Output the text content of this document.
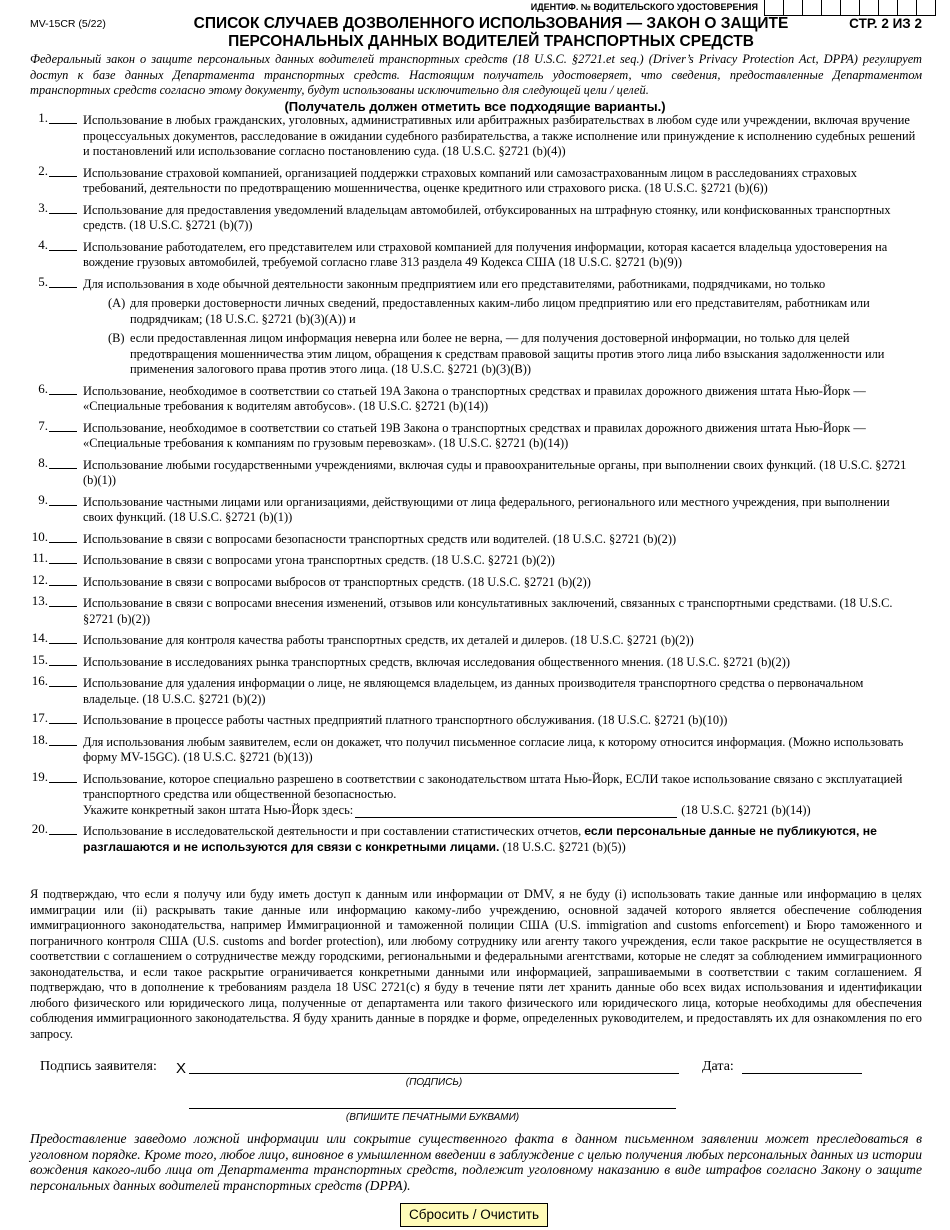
ИДЕНТИФ. № ВОДИТЕЛЬСКОГО УДОСТОВЕРЕНИЯ
MV-15CR (5/22)	СПИСОК СЛУЧАЕВ ДОЗВОЛЕННОГО ИСПОЛЬЗОВАНИЯ — ЗАКОН О ЗАЩИТЕ ПЕРСОНАЛЬНЫХ ДАННЫХ ВОДИТЕЛЕЙ ТРАНСПОРТНЫХ СРЕДСТВ
СТР. 2 ИЗ 2
Федеральный закон о защите персональных данных водителей транспортных средств (18 U.S.C. §2721.et seq.) (Driver’s Privacy Protection Act, DPPA) регулирует доступ к базе данных Департамента транспортных средств. Настоящим получатель удостоверяет, что сведения, предоставленные Департаментом транспортных средств согласно этому документу, будут использованы исключительно для следующей цели / целей.
(Получатель должен отметить все подходящие варианты.)
1.	Использование в любых гражданских, уголовных, административных или арбитражных разбирательствах в любом суде или учреждении, включая вручение процессуальных документов, расследование в ожидании судебного разбирательства, а также исполнение или принуждение к исполнению судебных решений и постановлений или использование согласно постановлению суда. (18 U.S.C. §2721 (b)(4))
2.	Использование страховой компанией, организацией поддержки страховых компаний или самозастрахованным лицом в расследованиях страховых требований, деятельности по предотвращению мошенничества, оценке кредитного или страхового риска. (18 U.S.C. §2721 (b)(6))
3.	Использование для предоставления уведомлений владельцам автомобилей, отбуксированных на штрафную стоянку, или конфискованных транспортных средств. (18 U.S.C. §2721 (b)(7))
4.	Использование работодателем, его представителем или страховой компанией для получения информации, которая касается владельца удостоверения на вождение грузовых автомобилей, требуемой согласно главе 313 раздела 49 Кодекса США (18 U.S.C. §2721 (b)(9))
5.	Для использования в ходе обычной деятельности законным предприятием или его представителями, работниками, подрядчиками, но только
(A) для проверки достоверности личных сведений, предоставленных каким-либо лицом предприятию или его представителям, работникам или подрядчикам; (18 U.S.C. §2721 (b)(3)(A)) и
(B) если предоставленная лицом информация неверна или более не верна, — для получения достоверной информации, но только для целей предотвращения мошенничества этим лицом, обращения к средствам правовой защиты против этого лица либо взыскания задолженности или применения залогового права против этого лица. (18 U.S.C. §2721 (b)(3)(B))
6.	Использование, необходимое в соответствии со статьей 19A Закона о транспортных средствах и правилах дорожного движения штата Нью-Йорк — «Специальные требования к водителям автобусов». (18 U.S.C. §2721 (b)(14))
7.	Использование, необходимое в соответствии со статьей 19B Закона о транспортных средствах и правилах дорожного движения штата Нью-Йорк — «Специальные требования к компаниям по грузовым перевозкам». (18 U.S.C. §2721 (b)(14))
8.	Использование любыми государственными учреждениями, включая суды и правоохранительные органы, при выполнении своих функций. (18 U.S.C. §2721 (b)(1))
9.	Использование частными лицами или организациями, действующими от лица федерального, регионального или местного учреждения, при выполнении своих функций. (18 U.S.C. §2721 (b)(1))
10.	Использование в связи с вопросами безопасности транспортных средств или водителей. (18 U.S.C. §2721 (b)(2))
11.	Использование в связи с вопросами угона транспортных средств. (18 U.S.C. §2721 (b)(2))
12.	Использование в связи с вопросами выбросов от транспортных средств. (18 U.S.C. §2721 (b)(2))
13.	Использование в связи с вопросами внесения изменений, отзывов или консультативных заключений, связанных с транспортными средствами. (18 U.S.C. §2721 (b)(2))
14.	Использование для контроля качества работы транспортных средств, их деталей и дилеров. (18 U.S.C. §2721 (b)(2))
15.	Использование в исследованиях рынка транспортных средств, включая исследования общественного мнения. (18 U.S.C. §2721 (b)(2))
16.	Использование для удаления информации о лице, не являющемся владельцем, из данных производителя транспортного средства о первоначальном владельце. (18 U.S.C. §2721 (b)(2))
17.	Использование в процессе работы частных предприятий платного транспортного обслуживания. (18 U.S.C. §2721 (b)(10))
18.	Для использования любым заявителем, если он докажет, что получил письменное согласие лица, к которому относится информация. (Можно использовать форму MV-15GC). (18 U.S.C. §2721 (b)(13))
19.	Использование, которое специально разрешено в соответствии с законодательством штата Нью-Йорк, ЕСЛИ такое использование связано с эксплуатацией транспортного средства или общественной безопасностью.
Укажите конкретный закон штата Нью-Йорк здесь:	(18 U.S.C. §2721 (b)(14))
20.	Использование в исследовательской деятельности и при составлении статистических отчетов, если персональные данные не публикуются, не разглашаются и не используются для связи с конкретными лицами. (18 U.S.C. §2721 (b)(5))
Я подтверждаю, что если я получу или буду иметь доступ к данным или информации от DMV, я не буду (i) использовать такие данные или информацию в целях иммиграции или (ii) раскрывать такие данные или информацию какому-либо учреждению, основной задачей которого является обеспечение соблюдения иммиграционного законодательства, например Иммиграционной и таможенной полиции США (U.S. immigration and customs enforcement) и Бюро таможенного и пограничного контроля США (U.S. customs and border protection), или любому сотруднику или агенту такого учреждения, если такое раскрытие не осуществляется в соответствии с соглашением о сотрудничестве между городскими, региональными и федеральными агентствами, которые не следят за соблюдением иммиграционного законодательства, и если такое раскрытие ограничивается конкретными данными или информацией, запрашиваемыми в соответствии с таким соглашением. Я подтверждаю, что в дополнение к требованиям раздела 18 USC 2721(c) я буду в течение пяти лет хранить данные обо всех видах использования и идентификации любого физического или юридического лица, полученные от департамента или такого физического или юридического лица, которые необходимы для обеспечения соблюдения иммиграционного законодательства. Я буду хранить данные в порядке и форме, определенных руководителем, и предоставлять их для ознакомления по его запросу.
Подпись заявителя: X
(ПОДПИСЬ)
Дата:
(ВПИШИТЕ ПЕЧАТНЫМИ БУКВАМИ)
Предоставление заведомо ложной информации или сокрытие существенного факта в данном письменном заявлении может преследоваться в уголовном порядке. Кроме того, любое лицо, виновное в умышленном введении в заблуждение с целью получения любых персональных данных из истории вождения какого-либо лица от Департамента транспортных средств, подлежит уголовному наказанию в виде штрафов согласно Закону о защите персональных данных водителей транспортных средств (DPPA).
Сбросить / Очистить
